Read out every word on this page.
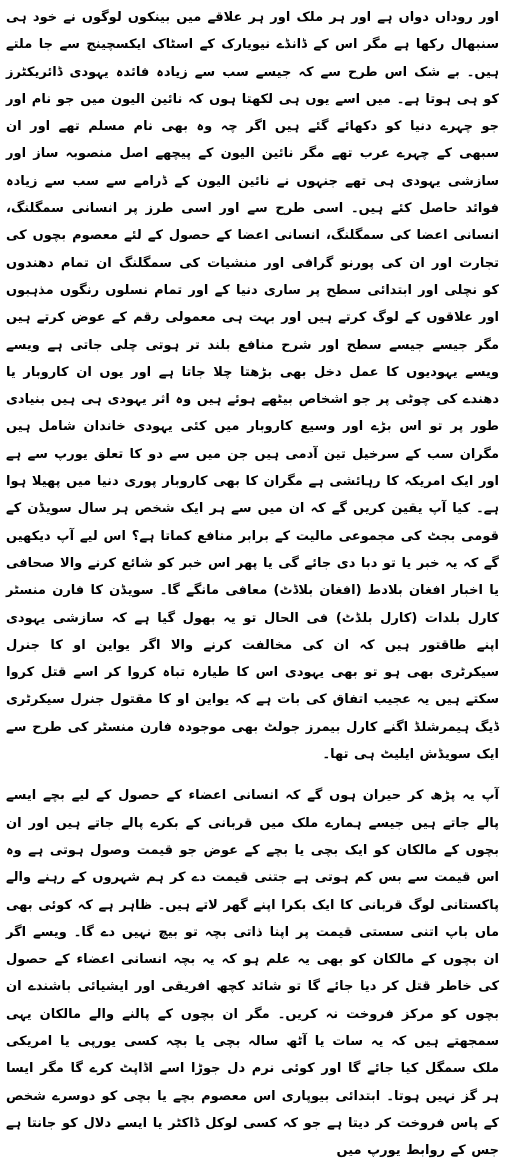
اور روداں دواں ہے اور ہر ملک اور ہر علاقے میں بینکوں لوگوں نے خود ہی سنبھال رکھا ہے مگر اس کے ڈانڈے نیویارک کے اسٹاک ایکسچینج سے جا ملتے ہیں۔ بے شک اس طرح سے کہ جیسے سب سے زیادہ فائدہ یہودی ڈائریکٹرز کو ہی ہوتا ہے۔ میں اسے یوں ہی لکھتا ہوں کہ نائین الیون میں جو نام اور جو چہرے دنیا کو دکھائے گئے ہیں اگر چہ وہ بھی نام مسلم تھے اور ان سبھی کے چہرے عرب تھے مگر نائین الیون کے پیچھے اصل منصوبہ ساز اور سازشی یہودی ہی تھے جنہوں نے نائین الیون کے ڈرامے سے سب سے زیادہ فوائد حاصل کئے ہیں۔ اسی طرح سے اور اسی طرز پر انسانی سمگلنگ، انسانی اعضا کی سمگلنگ، انسانی اعضا کے حصول کے لئے معصوم بچوں کی تجارت اور ان کی پورنو گرافی اور منشیات کی سمگلنگ ان تمام دھندوں کو نچلی اور ابتدائی سطح پر ساری دنیا کے اور تمام نسلوں رنگوں مذہبوں اور علاقوں کے لوگ کرتے ہیں اور بہت ہی معمولی رقم کے عوض کرتے ہیں مگر جیسے جیسے سطح اور شرح منافع بلند تر ہوتی چلی جاتی ہے ویسے ویسے یہودیوں کا عمل دخل بھی بڑھتا چلا جاتا ہے اور یوں ان کاروبار یا دھندے کی چوٹی پر جو اشخاص بیٹھے ہوئے ہیں وہ اثر یہودی ہی ہیں بنیادی طور پر تو اس بڑے اور وسیع کاروبار میں کئی یہودی خاندان شامل ہیں مگران سب کے سرخیل تین آدمی ہیں جن میں سے دو کا تعلق یورپ سے ہے اور ایک امریکہ کا رہائشی ہے مگران کا بھی کاروبار پوری دنیا میں پھیلا ہوا ہے۔ کیا آپ یقین کریں گے کہ ان میں سے ہر ایک شخص ہر سال سویڈن کے قومی بجٹ کی مجموعی مالیت کے برابر منافع کماتا ہے؟ اس لیے آپ دیکھیں گے کہ یہ خبر یا تو دبا دی جائے گی یا پھر اس خبر کو شائع کرنے والا صحافی یا اخبار افغان بلادط (افغان بلاڈٹ) معافی مانگے گا۔ سویڈن کا فارن منسٹر کارل بلدات (کارل بلڈٹ) فی الحال تو یہ بھول گیا ہے کہ سازشی یہودی اپنے طاقتور ہیں کہ ان کی مخالفت کرنے والا اگر یواین او کا جنرل سیکرٹری بھی ہو تو بھی یہودی اس کا طیارہ تباہ کروا کر اسے قتل کروا سکتے ہیں یہ عجیب اتفاق کی بات ہے کہ یواین او کا مقتول جنرل سیکرٹری ڈیگ ہیمرشلڈ اگنے کارل بیمرز جولٹ بھی موجودہ فارن منسٹر کی طرح سے ایک سویڈش ایلیٹ ہی تھا۔

آپ یہ پڑھ کر حیران ہوں گے کہ انسانی اعضاء کے حصول کے لیے بچے ایسے پالے جاتے ہیں جیسے ہمارے ملک میں قربانی کے بکرے پالے جاتے ہیں اور ان بچوں کے مالکان کو ایک بچی یا بچے کے عوض جو قیمت وصول ہوتی ہے وہ اس قیمت سے بس کم ہوتی ہے جتنی قیمت دے کر ہم شہروں کے رہنے والے پاکستانی لوگ قربانی کا ایک بکرا اپنے گھر لاتے ہیں۔ ظاہر ہے کہ کوئی بھی ماں باپ اتنی سستی قیمت پر اپنا ذاتی بچہ تو بیچ نہیں دے گا۔ ویسے اگر ان بچوں کے مالکان کو بھی یہ علم ہو کہ یہ بچہ انسانی اعضاء کے حصول کی خاطر قتل کر دیا جائے گا تو شائد کچھ افریقی اور ایشیائی باشندے ان بچوں کو مرکز فروخت نہ کریں۔ مگر ان بچوں کے پالنے والے مالکان یہی سمجھتے ہیں کہ یہ سات یا آٹھ سالہ بچی یا بچہ کسی یورپی یا امریکی ملک سمگل کیا جائے گا اور کوئی نرم دل جوڑا اسے اڈاپٹ کرے گا مگر ایسا ہر گز نہیں ہوتا۔ ابتدائی بیوپاری اس معصوم بچے یا بچی کو دوسرے شخص کے پاس فروخت کر دیتا ہے جو کہ کسی لوکل ڈاکٹر یا ایسے دلال کو جانتا ہے جس کے روابط یورپ میں
